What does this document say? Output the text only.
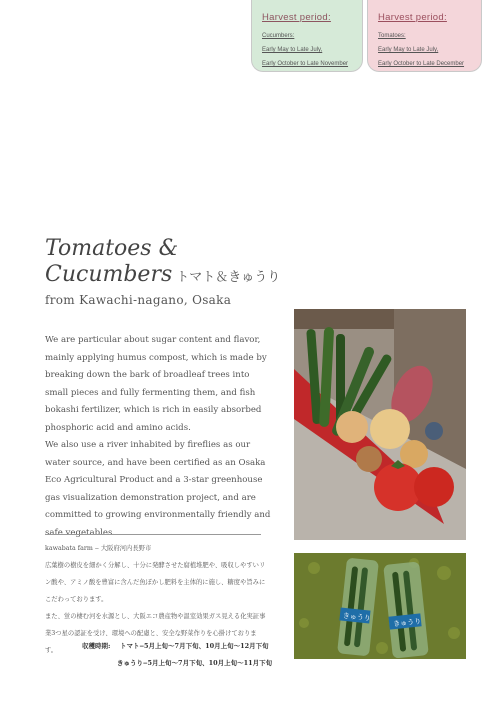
Harvest period:
Cucumbers:
Early May to Late July,
Early October to Late November
Harvest period:
Tomatoes:
Early May to Late July,
Early October to Late December
Tomatoes &
Cucumbers トマト＆きゅうり
from Kawachi-nagano, Osaka

We are particular about sugar content and flavor, mainly applying humus compost, which is made by breaking down the bark of broadleaf trees into small pieces and fully fermenting them, and fish bokashi fertilizer, which is rich in easily absorbed phosphoric acid and amino acids.

We also use a river inhabited by fireflies as our water source, and have been certified as an Osaka Eco Agricultural Product and a 3-star greenhouse gas visualization demonstration project, and are committed to growing environmentally friendly and safe vegetables.

kawabata farm ‒ 大阪府河内長野市

広葉樹の樹皮を細かく分解し、十分に発酵させた腐植堆肥や、吸収しやすいリン酸や、アミノ酸を豊富に含んだ魚ぼかし肥料を主体的に施し、糖度や旨みにこだわっております。

また、蛍の棲む河を水源とし、大阪エコ農産物や温室効果ガス見える化実証事業3つ星の認証を受け、環境への配慮と、安全な野菜作りを心掛けております。

収穫時期: トマト‒5月上旬〜7月下旬、10月上旬〜12月下旬
きゅうり‒5月上旬〜7月下旬、10月上旬〜11月下旬
きゅうり
きゅうり
